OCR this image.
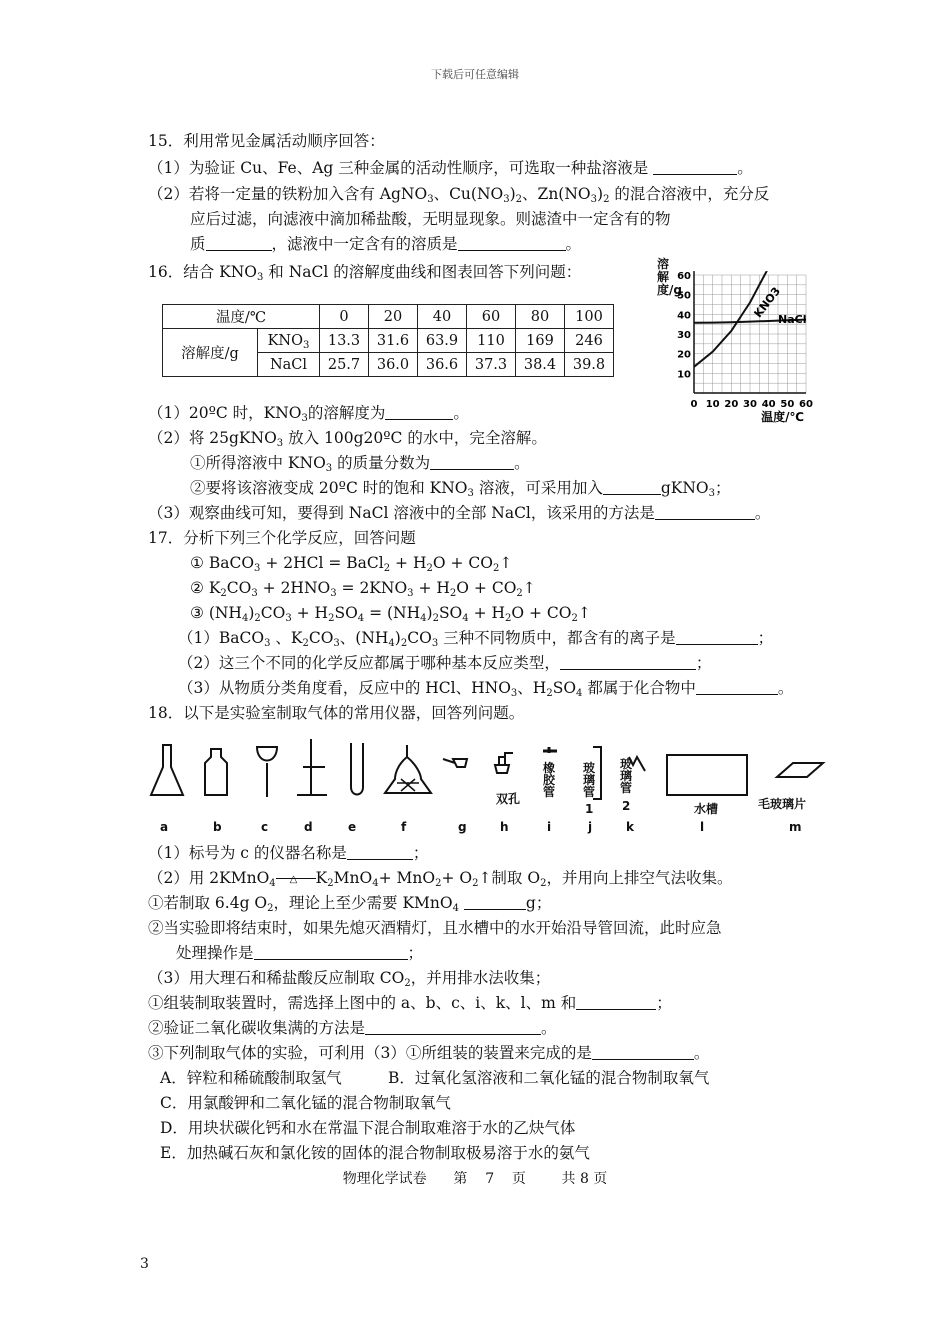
下载后可任意编辑
15．利用常见金属活动顺序回答：
（1）为验证 Cu、Fe、Ag 三种金属的活动性顺序，可选取一种盐溶液是	。
（2）若将一定量的铁粉加入含有 AgNO$_3$、$Cu(NO_3)_2$、$Zn(NO_3)_2$ 的混合溶液中，充分反
应后过滤，向滤液中滴加稀盐酸，无明显现象。则滤渣中一定含有的物
质	，滤液中一定含有的溶质是	。
16．结合 $KNO_3$ 和 NaCl 的溶解度曲线和图表回答下列问题：
温度/℃		0	20	40	60	80	100
溶解度/g	$KNO_3$	13.3	31.6	63.9	110	169	246
	NaCl	25.7	36.0	36.6	37.3	38.4	39.8
溶解度/g
0 10 20 30 40 50 60
10
20
30
40
50
60
温度/℃
KNO3
NaCl
（1）20ºC 时，$KNO_3$的溶解度为	。
（2）将 25gKNO$_3$ 放入 100g20ºC 的水中，完全溶解。
①所得溶液中 $KNO_3$ 的质量分数为	。
②要将该溶液变成 20ºC 时的饱和 $KNO_3$ 溶液，可采用加入	gKNO$_3$；
（3）观察曲线可知，要得到 NaCl 溶液中的全部 NaCl，该采用的方法是	。
17．分析下列三个化学反应，回答问题
① BaCO$_3$ + 2HCl = BaCl$_2$ + $H_2O$ + $CO_2↑$
② $K_2CO_3 + 2HNO_3 = 2KNO_3 + H_2O$ + $CO_2↑$
③ $(NH_4)_2CO_3 + H_2SO_4 = (NH_4)_2SO_4 + H_2O$ + $CO_2↑$
（1）BaCO$_3$ 、$K_2CO_3$、$(NH_4)_2CO_3$ 三种不同物质中，都含有的离子是	；
（2）这三个不同的化学反应都属于哪种基本反应类型，	；
（3）从物质分类角度看，反应中的 HCl、$HNO_3$、$H_2SO_4$ 都属于化合物中	。
18．以下是实验室制取气体的常用仪器，回答列问题。
双孔
橡胶管
玻璃管
1
玻璃管
2	水槽	毛玻璃片
a	b	c	d	e	f	g	h	i	j	k	l	m
（1）标号为 c 的仪器名称是	；
（2）用 2KMnO$_4$ △ $K_2MnO_4+ MnO_2+$ $O_2↑$制取 $O_2$，并用向上排空气法收集。
①若制取 6.4g $O_2$，理论上至少需要 KMnO$_4$	g；
②当实验即将结束时，如果先熄灭酒精灯，且水槽中的水开始沿导管回流，此时应急
处理操作是	；
（3）用大理石和稀盐酸反应制取 $CO_2$，并用排水法收集；
①组装制取装置时，需选择上图中的 a、b、c、i、k、l、m 和	；
②验证二氧化碳收集满的方法是	。
③下列制取气体的实验，可利用（3）①所组装的装置来完成的是	。
A．锌粒和稀硫酸制取氢气	B．过氧化氢溶液和二氧化锰的混合物制取氧气
C．用氯酸钾和二氧化锰的混合物制取氧气
D．用块状碳化钙和水在常温下混合制取难溶于水的乙炔气体
E．加热碱石灰和氯化铵的固体的混合物制取极易溶于水的氨气
物理化学试卷      第    7    页        共 8 页
3
